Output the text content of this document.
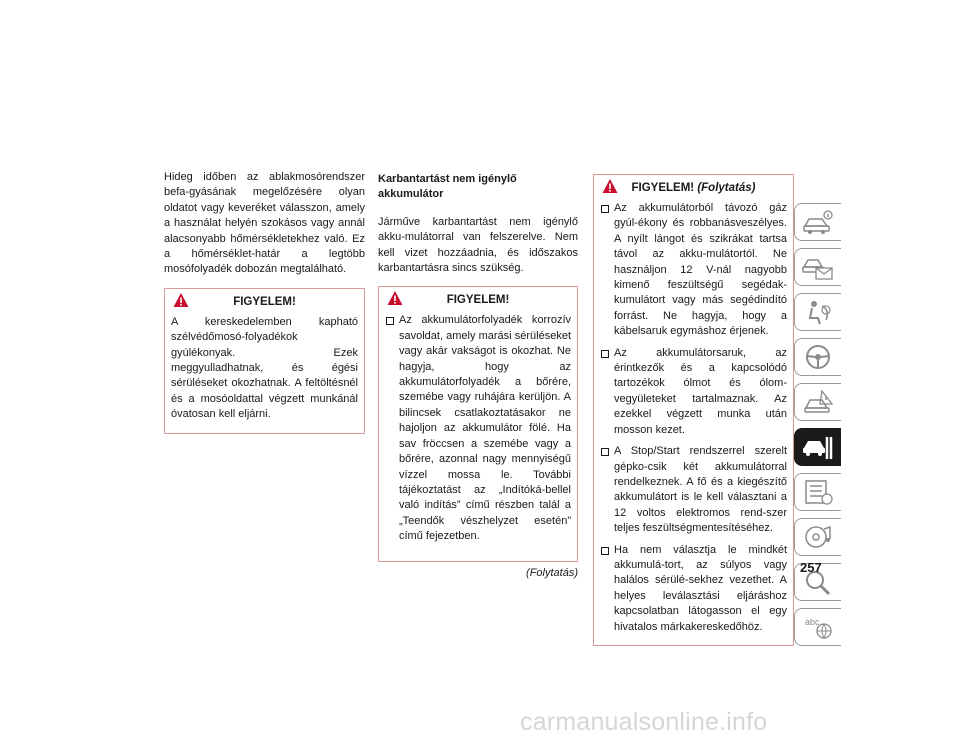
Hideg időben az ablakmosórendszer befa-gyásának megelőzésére olyan oldatot vagy keveréket válasszon, amely a használat helyén szokásos vagy annál alacsonyabb hőmérsékletekhez való. Ez a hőmérséklet-határ a legtöbb mosófolyadék dobozán megtalálható.

FIGYELEM!
A kereskedelemben kapható szélvédőmosó-folyadékok gyúlékonyak. Ezek meggyulladhatnak, és égési sérüléseket okozhatnak. A feltöltésnél és a mosóoldattal végzett munkánál óvatosan kell eljárni.
Karbantartást nem igénylő akkumulátor

Járműve karbantartást nem igénylő akku-mulátorral van felszerelve. Nem kell vizet hozzáadnia, és időszakos karbantartásra sincs szükség.

FIGYELEM!
Az akkumulátorfolyadék korrozív savoldat, amely marási sérüléseket vagy akár vakságot is okozhat. Ne hagyja, hogy az akkumulátorfolyadék a bőrére, szemébe vagy ruhájára kerüljön. A bilincsek csatlakoztatásakor ne hajoljon az akkumulátor fölé. Ha sav fröccsen a szemébe vagy a bőrére, azonnal nagy mennyiségű vízzel mossa le. További tájékoztatást az „Indítóká-bellel való indítás” című részben talál a „Teendők vészhelyzet esetén” című fejezetben.
(Folytatás)
FIGYELEM! (Folytatás)
Az akkumulátorból távozó gáz gyúl-ékony és robbanásveszélyes. A nyílt lángot és szikrákat tartsa távol az akku-mulátortól. Ne használjon 12 V-nál nagyobb kimenő feszültségű segédak-kumulátort vagy más segédindító forrást. Ne hagyja, hogy a kábelsaruk egymáshoz érjenek.
Az akkumulátorsaruk, az érintkezők és a kapcsolódó tartozékok ólmot és ólom-vegyületeket tartalmaznak. Az ezekkel végzett munka után mosson kezet.
A Stop/Start rendszerrel szerelt gépko-csik két akkumulátorral rendelkeznek. A fő és a kiegészítő akkumulátort is le kell választani a 12 voltos elektromos rend-szer teljes feszültségmentesítéséhez.
Ha nem választja le mindkét akkumulá-tort, az súlyos vagy halálos sérülé-sekhez vezethet. A helyes leválasztási eljáráshoz kapcsolatban látogasson el egy hivatalos márkakereskedőhöz.	abc
257
carmanualsonline.info
